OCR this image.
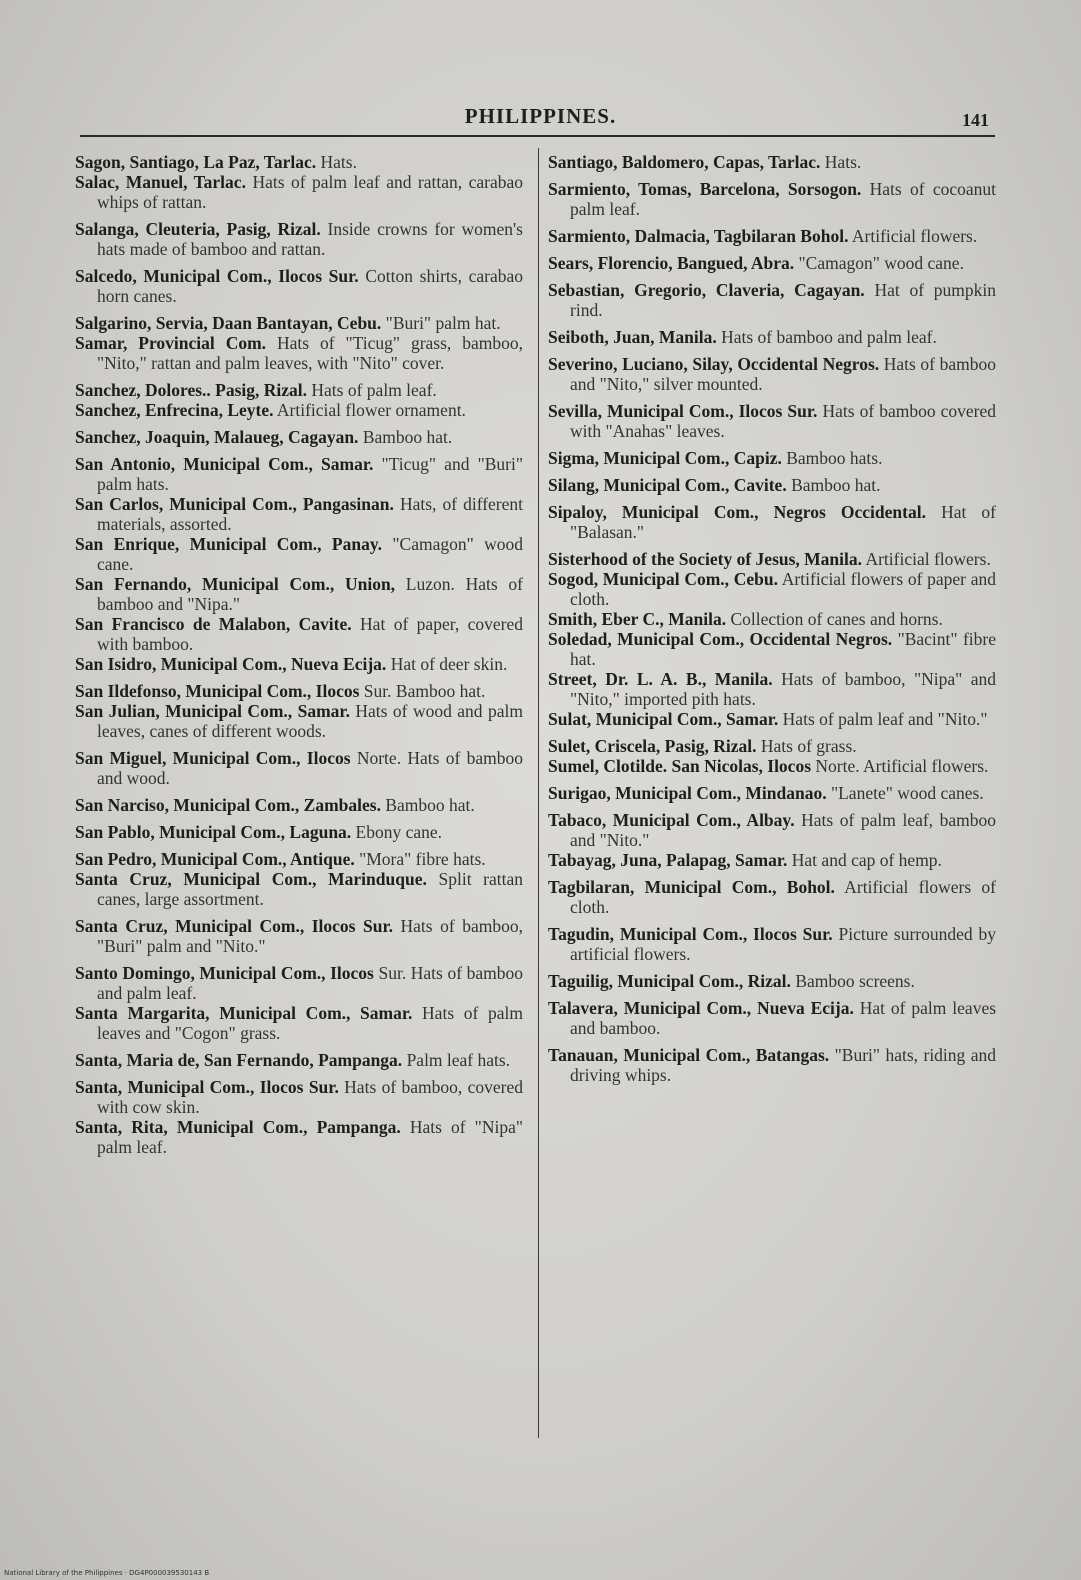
PHILIPPINES.	141

Sagon, Santiago, La Paz, Tarlac. Hats.

Salac, Manuel, Tarlac. Hats of palm leaf and rattan, carabao whips of rattan.

Salanga, Cleuteria, Pasig, Rizal. Inside crowns for women's hats made of bamboo and rattan.

Salcedo, Municipal Com., Ilocos Sur. Cotton shirts, carabao horn canes.

Salgarino, Servia, Daan Bantayan, Cebu. "Buri" palm hat.

Samar, Provincial Com. Hats of "Ticug" grass, bamboo, "Nito," rattan and palm leaves, with "Nito" cover.

Sanchez, Dolores.. Pasig, Rizal. Hats of palm leaf.

Sanchez, Enfrecina, Leyte. Artificial flower ornament.

Sanchez, Joaquin, Malaueg, Cagayan. Bamboo hat.

San Antonio, Municipal Com., Samar. "Ticug" and "Buri" palm hats.

San Carlos, Municipal Com., Pangasinan. Hats, of different materials, assorted.

San Enrique, Municipal Com., Panay. "Camagon" wood cane.

San Fernando, Municipal Com., Union, Luzon. Hats of bamboo and "Nipa."

San Francisco de Malabon, Cavite. Hat of paper, covered with bamboo.

San Isidro, Municipal Com., Nueva Ecija. Hat of deer skin.

San Ildefonso, Municipal Com., Ilocos Sur. Bamboo hat.

San Julian, Municipal Com., Samar. Hats of wood and palm leaves, canes of different woods.

San Miguel, Municipal Com., Ilocos Norte. Hats of bamboo and wood.

San Narciso, Municipal Com., Zambales. Bamboo hat.

San Pablo, Municipal Com., Laguna. Ebony cane.

San Pedro, Municipal Com., Antique. "Mora" fibre hats.

Santa Cruz, Municipal Com., Marinduque. Split rattan canes, large assortment.

Santa Cruz, Municipal Com., Ilocos Sur. Hats of bamboo, "Buri" palm and "Nito."

Santo Domingo, Municipal Com., Ilocos Sur. Hats of bamboo and palm leaf.

Santa Margarita, Municipal Com., Samar. Hats of palm leaves and "Cogon" grass.

Santa, Maria de, San Fernando, Pampanga. Palm leaf hats.

Santa, Municipal Com., Ilocos Sur. Hats of bamboo, covered with cow skin.

Santa, Rita, Municipal Com., Pampanga. Hats of "Nipa" palm leaf.

Santiago, Baldomero, Capas, Tarlac. Hats.

Sarmiento, Tomas, Barcelona, Sorsogon. Hats of cocoanut palm leaf.

Sarmiento, Dalmacia, Tagbilaran Bohol. Artificial flowers.

Sears, Florencio, Bangued, Abra. "Camagon" wood cane.

Sebastian, Gregorio, Claveria, Cagayan. Hat of pumpkin rind.

Seiboth, Juan, Manila. Hats of bamboo and palm leaf.

Severino, Luciano, Silay, Occidental Negros. Hats of bamboo and "Nito," silver mounted.

Sevilla, Municipal Com., Ilocos Sur. Hats of bamboo covered with "Anahas" leaves.

Sigma, Municipal Com., Capiz. Bamboo hats.

Silang, Municipal Com., Cavite. Bamboo hat.

Sipaloy, Municipal Com., Negros Occidental. Hat of "Balasan."

Sisterhood of the Society of Jesus, Manila. Artificial flowers.

Sogod, Municipal Com., Cebu. Artificial flowers of paper and cloth.

Smith, Eber C., Manila. Collection of canes and horns.

Soledad, Municipal Com., Occidental Negros. "Bacint" fibre hat.

Street, Dr. L. A. B., Manila. Hats of bamboo, "Nipa" and "Nito," imported pith hats.

Sulat, Municipal Com., Samar. Hats of palm leaf and "Nito."

Sulet, Criscela, Pasig, Rizal. Hats of grass.

Sumel, Clotilde. San Nicolas, Ilocos Norte. Artificial flowers.

Surigao, Municipal Com., Mindanao. "Lanete" wood canes.

Tabaco, Municipal Com., Albay. Hats of palm leaf, bamboo and "Nito."

Tabayag, Juna, Palapag, Samar. Hat and cap of hemp.

Tagbilaran, Municipal Com., Bohol. Artificial flowers of cloth.

Tagudin, Municipal Com., Ilocos Sur. Picture surrounded by artificial flowers.

Taguilig, Municipal Com., Rizal. Bamboo screens.

Talavera, Municipal Com., Nueva Ecija. Hat of palm leaves and bamboo.

Tanauan, Municipal Com., Batangas. "Buri" hats, riding and driving whips.

National Library of the Philippines · DG4P000039530143 B
